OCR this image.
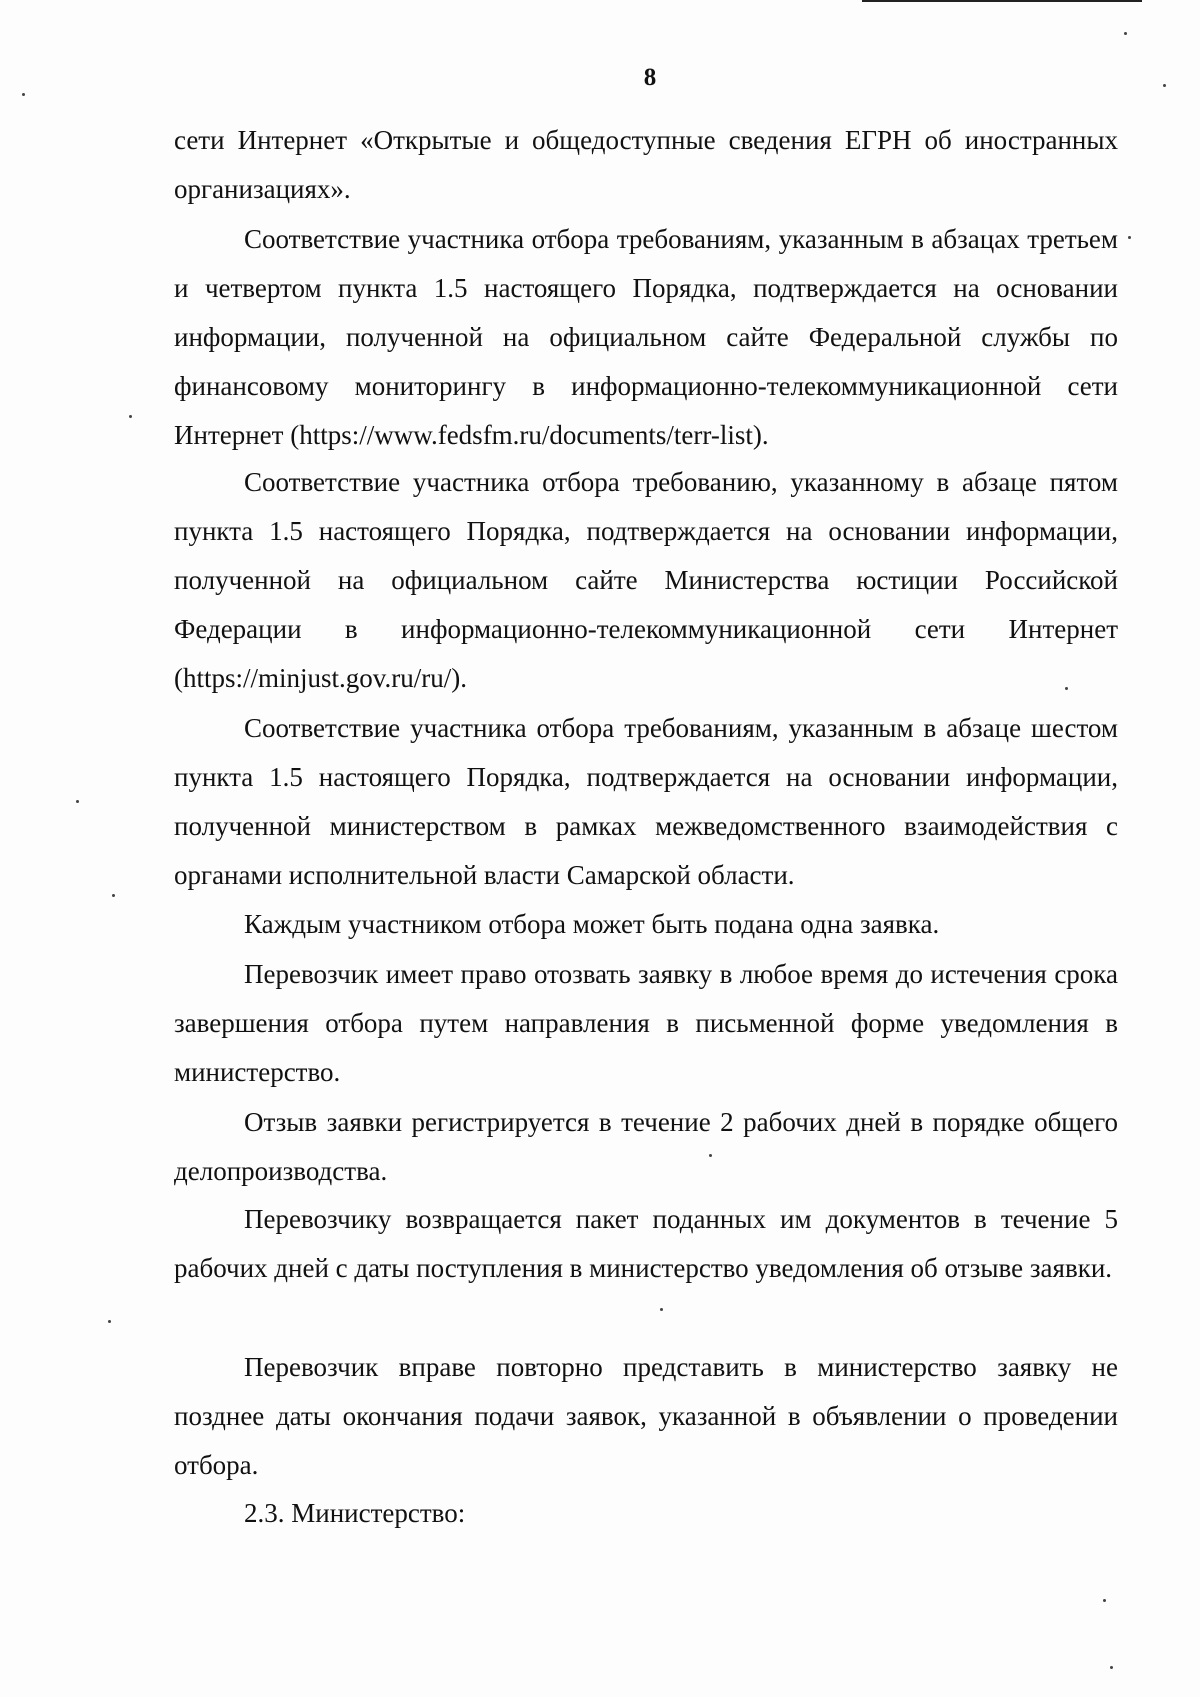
8

сети Интернет «Открытые и общедоступные сведения ЕГРН об иностранных организациях».

Соответствие участника отбора требованиям, указанным в абзацах третьем и четвертом пункта 1.5 настоящего Порядка, подтверждается на основании информации, полученной на официальном сайте Федеральной службы по финансовому мониторингу в информационно-телекоммуникационной сети Интернет (https://www.fedsfm.ru/documents/terr-list).

Соответствие участника отбора требованию, указанному в абзаце пятом пункта 1.5 настоящего Порядка, подтверждается на основании информации, полученной на официальном сайте Министерства юстиции Российской Федерации в информационно-телекоммуникационной сети Интернет (https://minjust.gov.ru/ru/).

Соответствие участника отбора требованиям, указанным в абзаце шестом пункта 1.5 настоящего Порядка, подтверждается на основании информации, полученной министерством в рамках межведомственного взаимодействия с органами исполнительной власти Самарской области.

Каждым участником отбора может быть подана одна заявка.

Перевозчик имеет право отозвать заявку в любое время до истечения срока завершения отбора путем направления в письменной форме уведомления в министерство.

Отзыв заявки регистрируется в течение 2 рабочих дней в порядке общего делопроизводства.

Перевозчику возвращается пакет поданных им документов в течение 5 рабочих дней с даты поступления в министерство уведомления об отзыве заявки.

Перевозчик вправе повторно представить в министерство заявку не позднее даты окончания подачи заявок, указанной в объявлении о проведении отбора.

2.3. Министерство:
